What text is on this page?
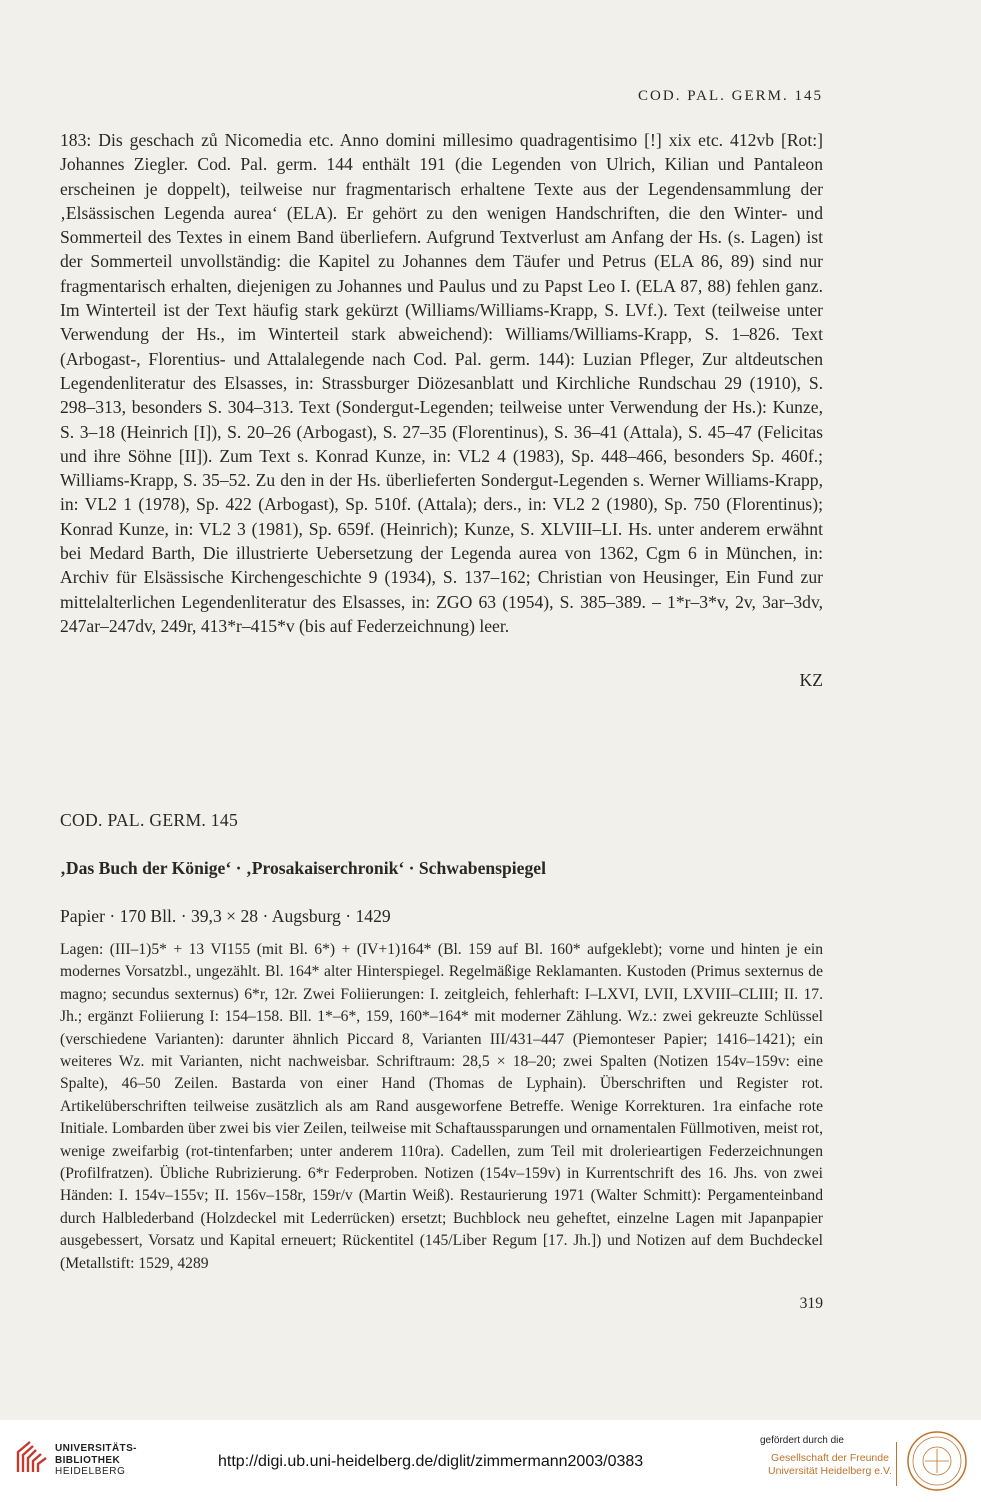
COD. PAL. GERM. 145

183: Dis geschach zů Nicomedia etc. Anno domini millesimo quadragentisimo [!] xix etc. 412vb [Rot:] Johannes Ziegler. Cod. Pal. germ. 144 enthält 191 (die Legenden von Ulrich, Kilian und Pantaleon erscheinen je doppelt), teilweise nur fragmentarisch erhaltene Texte aus der Legendensammlung der ‚Elsässischen Legenda aurea‘ (ELA). Er gehört zu den wenigen Handschriften, die den Winter- und Sommerteil des Textes in einem Band überliefern. Aufgrund Textverlust am Anfang der Hs. (s. Lagen) ist der Sommerteil unvollständig: die Kapitel zu Johannes dem Täufer und Petrus (ELA 86, 89) sind nur fragmentarisch erhalten, diejenigen zu Johannes und Paulus und zu Papst Leo I. (ELA 87, 88) fehlen ganz. Im Winterteil ist der Text häufig stark gekürzt (Williams/Williams-Krapp, S. LVf.). Text (teilweise unter Verwendung der Hs., im Winterteil stark abweichend): Williams/Williams-Krapp, S. 1–826. Text (Arbogast-, Florentius- und Attalalegende nach Cod. Pal. germ. 144): Luzian Pfleger, Zur altdeutschen Legendenliteratur des Elsasses, in: Strassburger Diözesanblatt und Kirchliche Rundschau 29 (1910), S. 298–313, besonders S. 304–313. Text (Sondergut-Legenden; teilweise unter Verwendung der Hs.): Kunze, S. 3–18 (Heinrich [I]), S. 20–26 (Arbogast), S. 27–35 (Florentinus), S. 36–41 (Attala), S. 45–47 (Felicitas und ihre Söhne [II]). Zum Text s. Konrad Kunze, in: VL2 4 (1983), Sp. 448–466, besonders Sp. 460f.; Williams-Krapp, S. 35–52. Zu den in der Hs. überlieferten Sondergut-Legenden s. Werner Williams-Krapp, in: VL2 1 (1978), Sp. 422 (Arbogast), Sp. 510f. (Attala); ders., in: VL2 2 (1980), Sp. 750 (Florentinus); Konrad Kunze, in: VL2 3 (1981), Sp. 659f. (Heinrich); Kunze, S. XLVIII–LI. Hs. unter anderem erwähnt bei Medard Barth, Die illustrierte Uebersetzung der Legenda aurea von 1362, Cgm 6 in München, in: Archiv für Elsässische Kirchengeschichte 9 (1934), S. 137–162; Christian von Heusinger, Ein Fund zur mittelalterlichen Legendenliteratur des Elsasses, in: ZGO 63 (1954), S. 385–389. – 1*r–3*v, 2v, 3ar–3dv, 247ar–247dv, 249r, 413*r–415*v (bis auf Federzeichnung) leer.

KZ
COD. PAL. GERM. 145
‚Das Buch der Könige‘ · ‚Prosakaiserchronik‘ · Schwabenspiegel
Papier · 170 Bll. · 39,3 × 28 · Augsburg · 1429

Lagen: (III–1)5* + 13 VI155 (mit Bl. 6*) + (IV+1)164* (Bl. 159 auf Bl. 160* aufgeklebt); vorne und hinten je ein modernes Vorsatzbl., ungezählt. Bl. 164* alter Hinterspiegel. Regelmäßige Reklamanten. Kustoden (Primus sexternus de magno; secundus sexternus) 6*r, 12r. Zwei Foliierungen: I. zeitgleich, fehlerhaft: I–LXVI, LVII, LXVIII–CLIII; II. 17. Jh.; ergänzt Foliierung I: 154–158. Bll. 1*–6*, 159, 160*–164* mit moderner Zählung. Wz.: zwei gekreuzte Schlüssel (verschiedene Varianten): darunter ähnlich Piccard 8, Varianten III/431–447 (Piemonteser Papier; 1416–1421); ein weiteres Wz. mit Varianten, nicht nachweisbar. Schriftraum: 28,5 × 18–20; zwei Spalten (Notizen 154v–159v: eine Spalte), 46–50 Zeilen. Bastarda von einer Hand (Thomas de Lyphain). Überschriften und Register rot. Artikelüberschriften teilweise zusätzlich als am Rand ausgeworfene Betreffe. Wenige Korrekturen. 1ra einfache rote Initiale. Lombarden über zwei bis vier Zeilen, teilweise mit Schaftaussparungen und ornamentalen Füllmotiven, meist rot, wenige zweifarbig (rot-tintenfarben; unter anderem 110ra). Cadellen, zum Teil mit drolerieartigen Federzeichnungen (Profilfratzen). Übliche Rubrizierung. 6*r Federproben. Notizen (154v–159v) in Kurrentschrift des 16. Jhs. von zwei Händen: I. 154v–155v; II. 156v–158r, 159r/v (Martin Weiß). Restaurierung 1971 (Walter Schmitt): Pergamenteinband durch Halblederband (Holzdeckel mit Lederrücken) ersetzt; Buchblock neu geheftet, einzelne Lagen mit Japanpapier ausgebessert, Vorsatz und Kapital erneuert; Rückentitel (145/Liber Regum [17. Jh.]) und Notizen auf dem Buchdeckel (Metallstift: 1529, 4289

319
UNIVERSITÄTS-
BIBLIOTHEK
HEIDELBERG
http://digi.ub.uni-heidelberg.de/diglit/zimmermann2003/0383
gefördert durch die
Gesellschaft der Freunde
Universität Heidelberg e.V.
